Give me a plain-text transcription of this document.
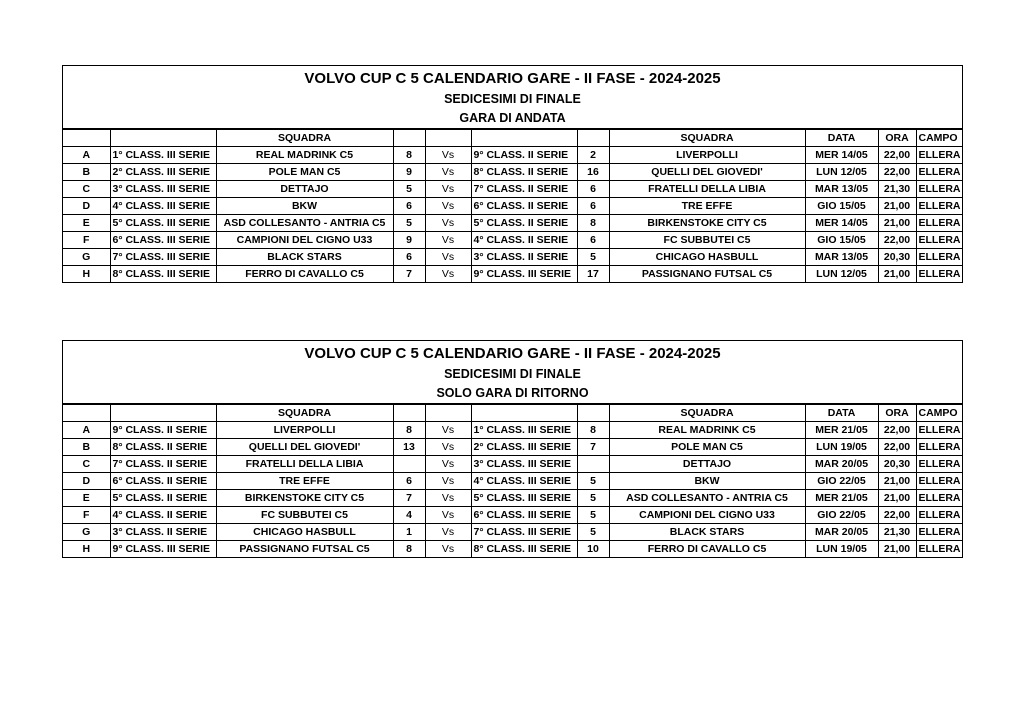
VOLVO CUP C 5 CALENDARIO GARE - II FASE - 2024-2025
SEDICESIMI DI FINALE
GARA DI ANDATA
		SQUADRA					SQUADRA	DATA	ORA	CAMPO
A	1° CLASS. III SERIE	REAL MADRINK C5	8	Vs	9° CLASS. II SERIE	2	LIVERPOLLI	MER 14/05	22,00	ELLERA
B	2° CLASS. III SERIE	POLE MAN C5	9	Vs	8° CLASS. II SERIE	16	QUELLI DEL GIOVEDI'	LUN 12/05	22,00	ELLERA
C	3° CLASS. III SERIE	DETTAJO	5	Vs	7° CLASS. II SERIE	6	FRATELLI DELLA LIBIA	MAR 13/05	21,30	ELLERA
D	4° CLASS. III SERIE	BKW	6	Vs	6° CLASS. II SERIE	6	TRE EFFE	GIO 15/05	21,00	ELLERA
E	5° CLASS. III SERIE	ASD COLLESANTO - ANTRIA C5	5	Vs	5° CLASS. II SERIE	8	BIRKENSTOKE CITY C5	MER 14/05	21,00	ELLERA
F	6° CLASS. III SERIE	CAMPIONI DEL CIGNO U33	9	Vs	4° CLASS. II SERIE	6	FC SUBBUTEI C5	GIO 15/05	22,00	ELLERA
G	7° CLASS. III SERIE	BLACK STARS	6	Vs	3° CLASS. II SERIE	5	CHICAGO HASBULL	MAR 13/05	20,30	ELLERA
H	8° CLASS. III SERIE	FERRO DI CAVALLO C5	7	Vs	9° CLASS. III SERIE	17	PASSIGNANO FUTSAL C5	LUN 12/05	21,00	ELLERA
VOLVO CUP C 5 CALENDARIO GARE - II FASE - 2024-2025
SEDICESIMI DI FINALE
SOLO GARA DI RITORNO
		SQUADRA					SQUADRA	DATA	ORA	CAMPO
A	9° CLASS. II SERIE	LIVERPOLLI	8	Vs	1° CLASS. III SERIE	8	REAL MADRINK C5	MER 21/05	22,00	ELLERA
B	8° CLASS. II SERIE	QUELLI DEL GIOVEDI'	13	Vs	2° CLASS. III SERIE	7	POLE MAN C5	LUN 19/05	22,00	ELLERA
C	7° CLASS. II SERIE	FRATELLI DELLA LIBIA		Vs	3° CLASS. III SERIE		DETTAJO	MAR 20/05	20,30	ELLERA
D	6° CLASS. II SERIE	TRE EFFE	6	Vs	4° CLASS. III SERIE	5	BKW	GIO 22/05	21,00	ELLERA
E	5° CLASS. II SERIE	BIRKENSTOKE CITY C5	7	Vs	5° CLASS. III SERIE	5	ASD COLLESANTO - ANTRIA C5	MER 21/05	21,00	ELLERA
F	4° CLASS. II SERIE	FC SUBBUTEI C5	4	Vs	6° CLASS. III SERIE	5	CAMPIONI DEL CIGNO U33	GIO 22/05	22,00	ELLERA
G	3° CLASS. II SERIE	CHICAGO HASBULL	1	Vs	7° CLASS. III SERIE	5	BLACK STARS	MAR 20/05	21,30	ELLERA
H	9° CLASS. III SERIE	PASSIGNANO FUTSAL C5	8	Vs	8° CLASS. III SERIE	10	FERRO DI CAVALLO C5	LUN 19/05	21,00	ELLERA
